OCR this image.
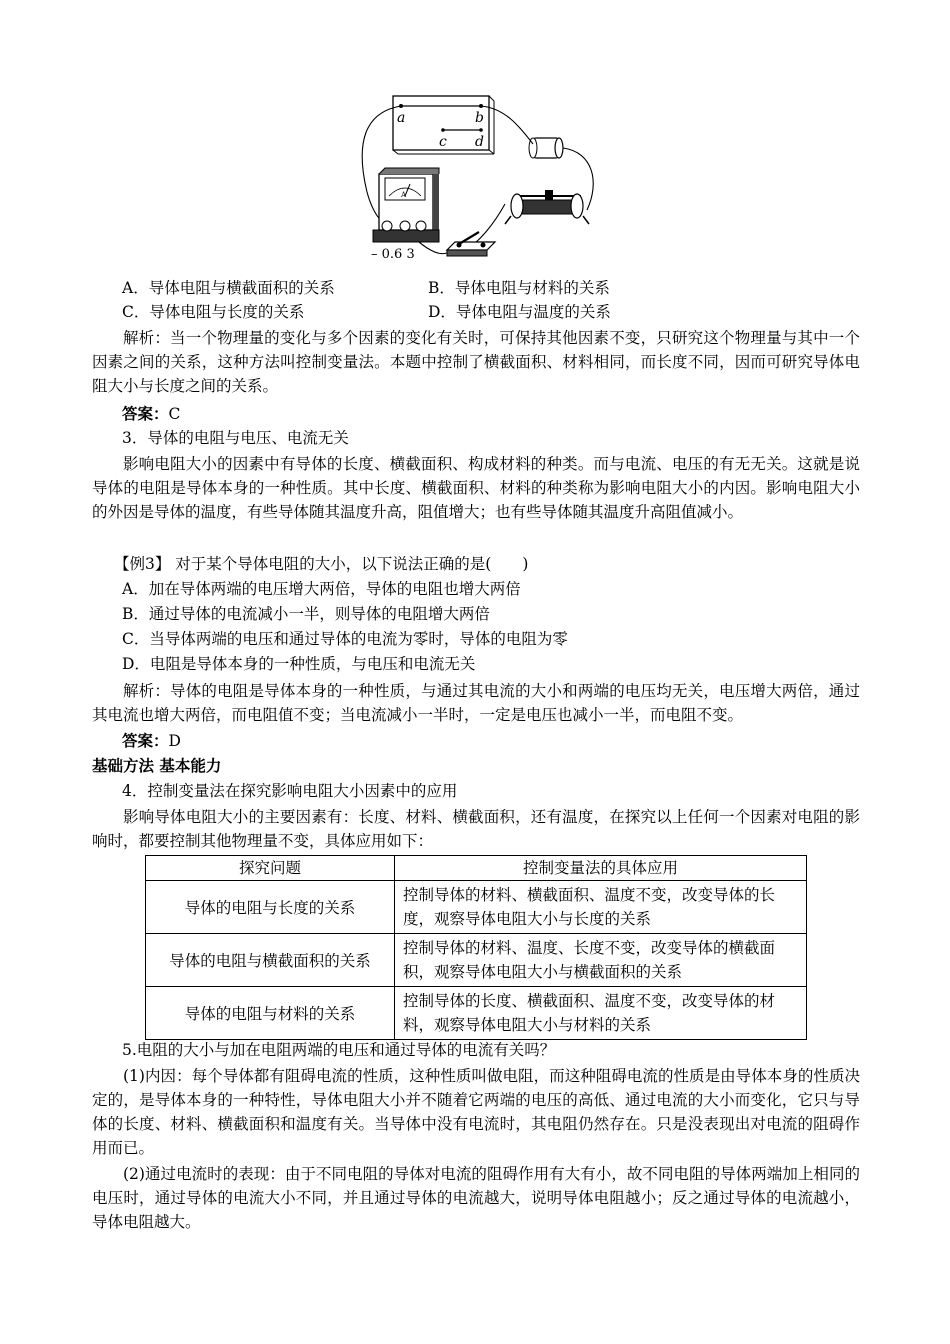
a	b
c d
A
– 0.6 3
A．导体电阻与横截面积的关系	B．导体电阻与材料的关系
C．导体电阻与长度的关系	D．导体电阻与温度的关系
解析：当一个物理量的变化与多个因素的变化有关时，可保持其他因素不变，只研究这个物理量与其中一个因素之间的关系，这种方法叫控制变量法。本题中控制了横截面积、材料相同，而长度不同，因而可研究导体电阻大小与长度之间的关系。
答案：C
3．导体的电阻与电压、电流无关
影响电阻大小的因素中有导体的长度、横截面积、构成材料的种类。而与电流、电压的有无无关。这就是说导体的电阻是导体本身的一种性质。其中长度、横截面积、材料的种类称为影响电阻大小的内因。影响电阻大小的外因是导体的温度，有些导体随其温度升高，阻值增大；也有些导体随其温度升高阻值减小。
【例3】 对于某个导体电阻的大小，以下说法正确的是(　　)
A．加在导体两端的电压增大两倍，导体的电阻也增大两倍
B．通过导体的电流减小一半，则导体的电阻增大两倍
C．当导体两端的电压和通过导体的电流为零时，导体的电阻为零
D．电阻是导体本身的一种性质，与电压和电流无关
解析：导体的电阻是导体本身的一种性质，与通过其电流的大小和两端的电压均无关，电压增大两倍，通过其电流也增大两倍，而电阻值不变；当电流减小一半时，一定是电压也减小一半，而电阻不变。
答案：D
基础方法 基本能力
4．控制变量法在探究影响电阻大小因素中的应用
影响导体电阻大小的主要因素有：长度、材料、横截面积，还有温度，在探究以上任何一个因素对电阻的影响时，都要控制其他物理量不变，具体应用如下：
探究问题	控制变量法的具体应用
导体的电阻与长度的关系	控制导体的材料、横截面积、温度不变，改变导体的长度，观察导体电阻大小与长度的关系
导体的电阻与横截面积的关系	控制导体的材料、温度、长度不变，改变导体的横截面积，观察导体电阻大小与横截面积的关系
导体的电阻与材料的关系	控制导体的长度、横截面积、温度不变，改变导体的材料，观察导体电阻大小与材料的关系
5.电阻的大小与加在电阻两端的电压和通过导体的电流有关吗？
(1)内因：每个导体都有阻碍电流的性质，这种性质叫做电阻，而这种阻碍电流的性质是由导体本身的性质决定的，是导体本身的一种特性，导体电阻大小并不随着它两端的电压的高低、通过电流的大小而变化，它只与导体的长度、材料、横截面积和温度有关。当导体中没有电流时，其电阻仍然存在。只是没表现出对电流的阻碍作用而已。
(2)通过电流时的表现：由于不同电阻的导体对电流的阻碍作用有大有小，故不同电阻的导体两端加上相同的电压时，通过导体的电流大小不同，并且通过导体的电流越大，说明导体电阻越小；反之通过导体的电流越小，导体电阻越大。
